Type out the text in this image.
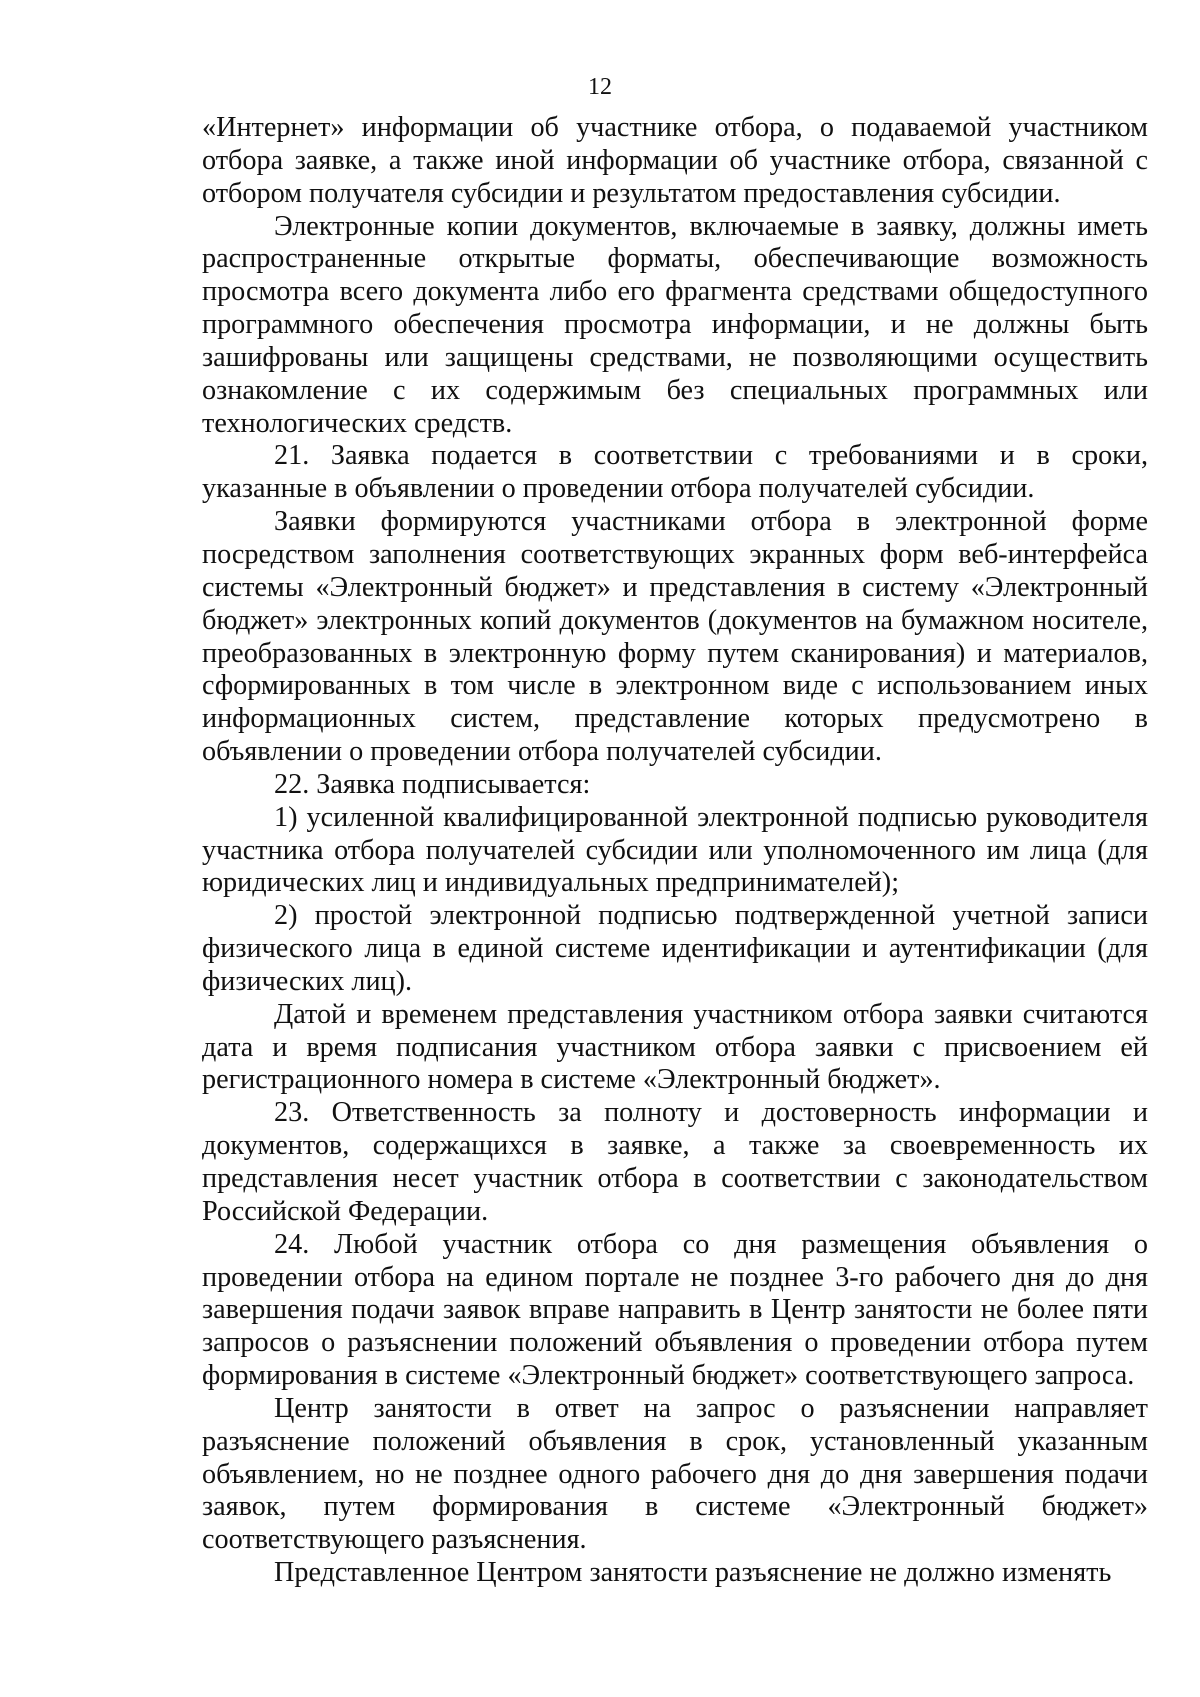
12

«Интернет» информации об участнике отбора, о подаваемой участником отбора заявке, а также иной информации об участнике отбора, связанной с отбором получателя субсидии и результатом предоставления субсидии.

Электронные копии документов, включаемые в заявку, должны иметь распространенные открытые форматы, обеспечивающие возможность просмотра всего документа либо его фрагмента средствами общедоступного программного обеспечения просмотра информации, и не должны быть зашифрованы или защищены средствами, не позволяющими осуществить ознакомление с их содержимым без специальных программных или технологических средств.

21. Заявка подается в соответствии с требованиями и в сроки, указанные в объявлении о проведении отбора получателей субсидии.

Заявки формируются участниками отбора в электронной форме посредством заполнения соответствующих экранных форм веб-интерфейса системы «Электронный бюджет» и представления в систему «Электронный бюджет» электронных копий документов (документов на бумажном носителе, преобразованных в электронную форму путем сканирования) и материалов, сформированных в том числе в электронном виде с использованием иных информационных систем, представление которых предусмотрено в объявлении о проведении отбора получателей субсидии.

22. Заявка подписывается:

1) усиленной квалифицированной электронной подписью руководителя участника отбора получателей субсидии или уполномоченного им лица (для юридических лиц и индивидуальных предпринимателей);

2) простой электронной подписью подтвержденной учетной записи физического лица в единой системе идентификации и аутентификации (для физических лиц).

Датой и временем представления участником отбора заявки считаются дата и время подписания участником отбора заявки с присвоением ей регистрационного номера в системе «Электронный бюджет».

23. Ответственность за полноту и достоверность информации и документов, содержащихся в заявке, а также за своевременность их представления несет участник отбора в соответствии с законодательством Российской Федерации.

24. Любой участник отбора со дня размещения объявления о проведении отбора на едином портале не позднее 3-го рабочего дня до дня завершения подачи заявок вправе направить в Центр занятости не более пяти запросов о разъяснении положений объявления о проведении отбора путем формирования в системе «Электронный бюджет» соответствующего запроса.

Центр занятости в ответ на запрос о разъяснении направляет разъяснение положений объявления в срок, установленный указанным объявлением, но не позднее одного рабочего дня до дня завершения подачи заявок, путем формирования в системе «Электронный бюджет» соответствующего разъяснения.

Представленное Центром занятости разъяснение не должно изменять
